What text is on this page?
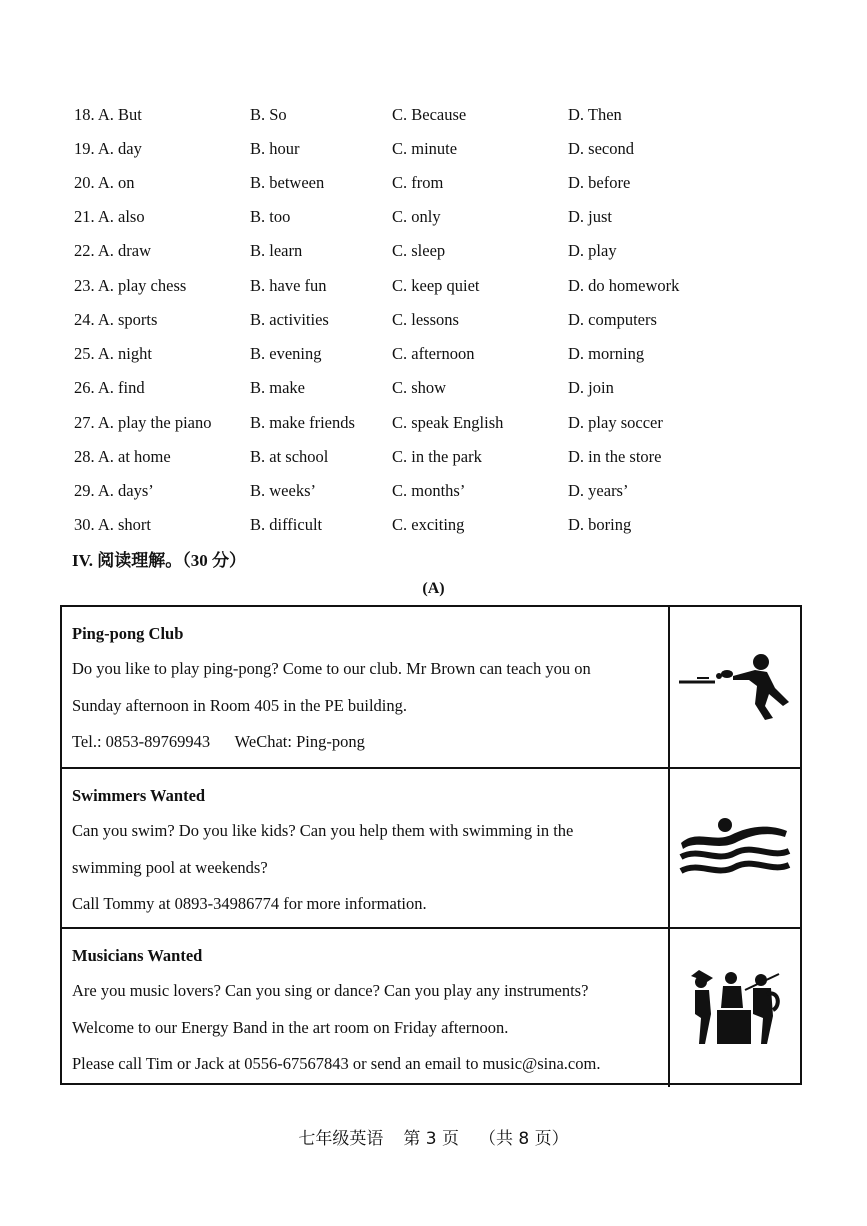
18. A. But	B. So	C. Because	D. Then
19. A. day	B. hour	C. minute	D. second
20. A. on	B. between	C. from	D. before
21. A. also	B. too	C. only	D. just
22. A. draw	B. learn	C. sleep	D. play
23. A. play chess	B. have fun	C. keep quiet	D. do homework
24. A. sports	B. activities	C. lessons	D. computers
25. A. night	B. evening	C. afternoon	D. morning
26. A. find	B. make	C. show	D. join
27. A. play the piano B. make friends C. speak English	D. play soccer
28. A. at home	B. at school	C. in the park	D. in the store
29. A. days’	B. weeks’	C. months’	D. years’
30. A. short	B. difficult	C. exciting	D. boring
IV. 阅读理解。（30 分）
(A)
Ping-pong Club
Do you like to play ping-pong? Come to our club. Mr Brown can teach you on
Sunday afternoon in Room 405 in the PE building.
Tel.: 0853-89769943      WeChat: Ping-pong
Swimmers Wanted
Can you swim? Do you like kids? Can you help them with swimming in the
swimming pool at weekends?
Call Tommy at 0893-34986774 for more information.
Musicians Wanted
Are you music lovers? Can you sing or dance? Can you play any instruments?
Welcome to our Energy Band in the art room on Friday afternoon.
Please call Tim or Jack at 0556-67567843 or send an email to music@sina.com.
七年级英语 第 3 页 （共 8 页）
